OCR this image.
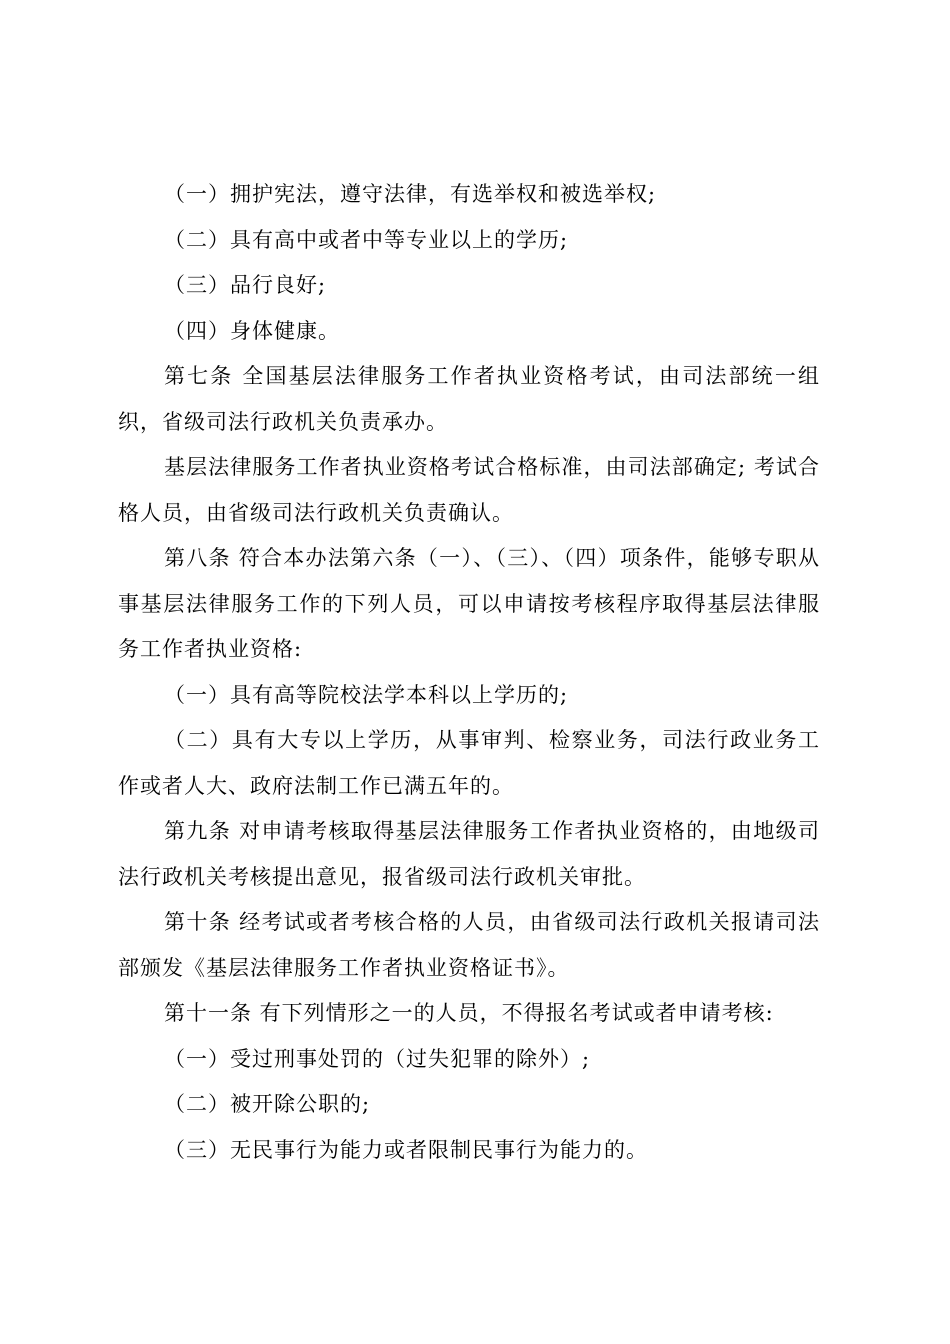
（一）拥护宪法，遵守法律，有选举权和被选举权;

（二）具有高中或者中等专业以上的学历;

（三）品行良好;

（四）身体健康。

第七条 全国基层法律服务工作者执业资格考试，由司法部统一组织，省级司法行政机关负责承办。

基层法律服务工作者执业资格考试合格标准，由司法部确定; 考试合格人员，由省级司法行政机关负责确认。

第八条 符合本办法第六条（一）、（三）、（四）项条件，能够专职从事基层法律服务工作的下列人员，可以申请按考核程序取得基层法律服务工作者执业资格:

（一）具有高等院校法学本科以上学历的;

（二）具有大专以上学历，从事审判、检察业务，司法行政业务工作或者人大、政府法制工作已满五年的。

第九条 对申请考核取得基层法律服务工作者执业资格的，由地级司法行政机关考核提出意见，报省级司法行政机关审批。

第十条 经考试或者考核合格的人员，由省级司法行政机关报请司法部颁发《基层法律服务工作者执业资格证书》。

第十一条 有下列情形之一的人员，不得报名考试或者申请考核:

（一）受过刑事处罚的（过失犯罪的除外）;

（二）被开除公职的;

（三）无民事行为能力或者限制民事行为能力的。
